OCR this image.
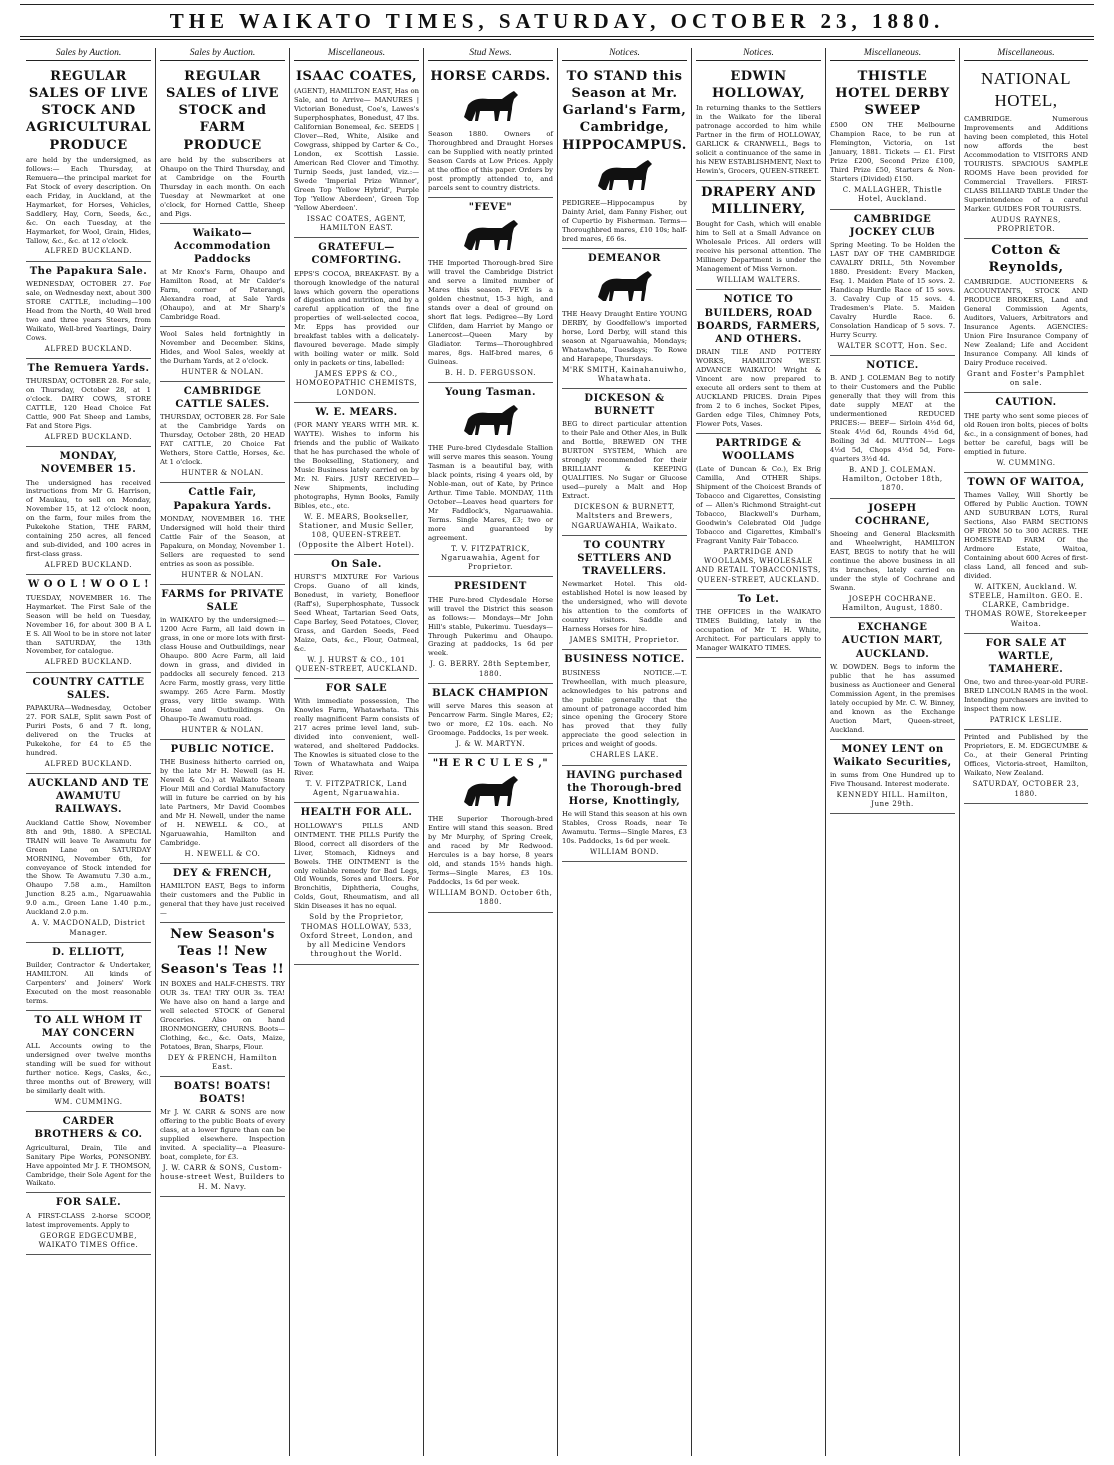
THE WAIKATO TIMES, SATURDAY, OCTOBER 23, 1880.
Sales by Auction.
REGULAR SALES OF LIVE STOCK AND AGRICULTURAL PRODUCE
are held by the undersigned, as follows:— Each Thursday, at Remuera—the principal market for Fat Stock of every description. On each Friday, in Auckland, at the Haymarket, for Horses, Vehicles, Saddlery, Hay, Corn, Seeds, &c., &c. On each Tuesday, at the Haymarket, for Wool, Grain, Hides, Tallow, &c., &c. at 12 o'clock.
ALFRED BUCKLAND.
The Papakura Sale.
WEDNESDAY, OCTOBER 27. For sale, on Wednesday next, about 300 STORE CATTLE, including—100 Head from the North, 40 Well bred two and three years Steers, from Waikato, Well-bred Yearlings, Dairy Cows.
ALFRED BUCKLAND.
The Remuera Yards.
THURSDAY, OCTOBER 28. For sale, on Thursday, October 28, at 1 o'clock. DAIRY COWS, STORE CATTLE, 120 Head Choice Fat Cattle, 900 Fat Sheep and Lambs, Fat and Store Pigs.
ALFRED BUCKLAND.
MONDAY, NOVEMBER 15.
The undersigned has received instructions from Mr G. Harrison, of Maukau, to sell on Monday, November 15, at 12 o'clock noon, on the farm, four miles from the Pukekohe Station, THE FARM, containing 250 acres, all fenced and sub-divided, and 100 acres in first-class grass.
ALFRED BUCKLAND.
W O O L ! W O O L !
TUESDAY, NOVEMBER 16. The Haymarket. The First Sale of the Season will be held on Tuesday, November 16, for about 300 B A L E S. All Wool to be in store not later than SATURDAY, the 13th November, for catalogue.
ALFRED BUCKLAND.
COUNTRY CATTLE SALES.
PAPAKURA—Wednesday, October 27. FOR SALE, Split sawn Post of Puriri Posts, 6 and 7 ft. long, delivered on the Trucks at Pukekohe, for £4 to £5 the hundred.
ALFRED BUCKLAND.
AUCKLAND AND TE AWAMUTU RAILWAYS.
Auckland Cattle Show, November 8th and 9th, 1880. A SPECIAL TRAIN will leave Te Awamutu for Green Lane on SATURDAY MORNING, November 6th, for conveyance of Stock intended for the Show. Te Awamutu 7.30 a.m., Ohaupo 7.58 a.m., Hamilton Junction 8.25 a.m., Ngaruawahia 9.0 a.m., Green Lane 1.40 p.m., Auckland 2.0 p.m.
A. V. MACDONALD, District Manager.
D. ELLIOTT,
Builder, Contractor & Undertaker, HAMILTON. All kinds of Carpenters' and Joiners' Work Executed on the most reasonable terms.
TO ALL WHOM IT MAY CONCERN
ALL Accounts owing to the undersigned over twelve months standing will be sued for without further notice. Kegs, Casks, &c., three months out of Brewery, will be similarly dealt with.
WM. CUMMING.
CARDER BROTHERS & CO.
Agricultural, Drain, Tile and Sanitary Pipe Works, PONSONBY. Have appointed Mr J. F. THOMSON, Cambridge, their Sole Agent for the Waikato.
FOR SALE.
A FIRST-CLASS 2-horse SCOOP, latest improvements. Apply to
GEORGE EDGECUMBE, WAIKATO TIMES Office.
Sales by Auction.
REGULAR SALES of LIVE STOCK and FARM PRODUCE
are held by the subscribers at Ohaupo on the Third Thursday, and at Cambridge on the Fourth Thursday in each month. On each Tuesday at Newmarket at one o'clock, for Horned Cattle, Sheep and Pigs.
Waikato—Accommodation Paddocks
at Mr Knox's Farm, Ohaupo and Hamilton Road, at Mr Calder's Farm, corner of Paterangi, Alexandra road, at Sale Yards (Ohaupo), and at Mr Sharp's Cambridge Road.
Wool Sales held fortnightly in November and December. Skins, Hides, and Wool Sales, weekly at the Durham Yards, at 2 o'clock.
HUNTER & NOLAN.
CAMBRIDGE CATTLE SALES.
THURSDAY, OCTOBER 28. For Sale at the Cambridge Yards on Thursday, October 28th, 20 HEAD FAT CATTLE, 20 Choice Fat Wethers, Store Cattle, Horses, &c. At 1 o'clock.
HUNTER & NOLAN.
Cattle Fair, Papakura Yards.
MONDAY, NOVEMBER 16. THE Undersigned will hold their third Cattle Fair of the Season, at Papakura, on Monday, November 1. Sellers are requested to send entries as soon as possible.
HUNTER & NOLAN.
FARMS for PRIVATE SALE
in WAIKATO by the undersigned:— 1200 Acre Farm, all laid down in grass, in one or more lots with first-class House and Outbuildings, near Ohaupo. 800 Acre Farm, all laid down in grass, and divided in paddocks all securely fenced. 213 Acre Farm, mostly grass, very little swampy. 265 Acre Farm. Mostly grass, very little swamp. With House and Outbuildings. On Ohaupo-Te Awamutu road.
HUNTER & NOLAN.
PUBLIC NOTICE.
THE Business hitherto carried on, by the late Mr H. Newell (as H. Newell & Co.) at Walkato Steam Flour Mill and Cordial Manufactory will in future be carried on by his late Partners, Mr David Coombes and Mr H. Newell, under the name of H. NEWELL & CO., at Ngaruawahia, Hamilton and Cambridge.
H. NEWELL & CO.
DEY & FRENCH,
HAMILTON EAST, Begs to inform their customers and the Public in general that they have just received—
New Season's Teas !! New Season's Teas !!
IN BOXES and HALF-CHESTS. TRY OUR 3s. TEA! TRY OUR 3s. TEA! We have also on hand a large and well selected STOCK of General Groceries. Also on hand IRONMONGERY, CHURNS. Boots—Clothing, &c., &c. Oats, Maize, Potatoes, Bran, Sharps, Flour.
DEY & FRENCH, Hamilton East.
BOATS! BOATS! BOATS!
Mr J. W. CARR & SONS are now offering to the public Boats of every class, at a lower figure than can be supplied elsewhere. Inspection invited. A speciality—a Pleasure-boat, complete, for £3.
J. W. CARR & SONS, Custom-house-street West, Builders to H. M. Navy.
Miscellaneous.
ISAAC COATES,
(AGENT), HAMILTON EAST, Has on Sale, and to Arrive— MANURES | Victorian Bonedust, Coe's, Lawes's Superphosphates, Bonedust, 47 lbs. Californian Bonemeal, &c. SEEDS | Clover—Red, White, Alsike and Cowgrass, shipped by Carter & Co., London, ex Scottish Lassie. American Red Clover and Timothy. Turnip Seeds, just landed, viz.:— Swede 'Imperial Prize Winner', Green Top 'Yellow Hybrid', Purple Top 'Yellow Aberdeen', Green Top 'Yellow Aberdeen'.
ISSAC COATES, AGENT, HAMILTON EAST.
GRATEFUL—COMFORTING.
EPPS'S COCOA, BREAKFAST. By a thorough knowledge of the natural laws which govern the operations of digestion and nutrition, and by a careful application of the fine properties of well-selected cocoa, Mr. Epps has provided our breakfast tables with a delicately-flavoured beverage. Made simply with boiling water or milk. Sold only in packets or tins, labelled:
JAMES EPPS & CO., HOMOEOPATHIC CHEMISTS, LONDON.
W. E. MEARS.
(FOR MANY YEARS WITH MR. K. WAYTE). Wishes to inform his friends and the public of Waikato that he has purchased the whole of the Bookselling, Stationery, and Music Business lately carried on by Mr. N. Fairs. JUST RECEIVED— New Shipments, including photographs, Hymn Books, Family Bibles, etc., etc.
W. E. MEARS, Bookseller, Stationer, and Music Seller, 108, QUEEN-STREET. (Opposite the Albert Hotel).
On Sale.
HURST'S MIXTURE For Various Crops. Guano of all kinds, Bonedust, in variety, Bonefloor (Raff's), Superphosphate, Tussock Seed Wheat, Tartarian Seed Oats, Cape Barley, Seed Potatoes, Clover, Grass, and Garden Seeds, Feed Maize, Oats, &c., Flour, Oatmeal, &c.
W. J. HURST & CO., 101 QUEEN-STREET, AUCKLAND.
FOR SALE
With immediate possession, The Knowles Farm, Whatawhata. This really magnificent Farm consists of 217 acres prime level land, sub-divided into convenient, well-watered, and sheltered Paddocks. The Knowles is situated close to the Town of Whatawhata and Waipa River.
T. V. FITZPATRICK, Land Agent, Ngaruawahia.
HEALTH FOR ALL.
HOLLOWAY'S PILLS AND OINTMENT. THE PILLS Purify the Blood, correct all disorders of the Liver, Stomach, Kidneys and Bowels. THE OINTMENT is the only reliable remedy for Bad Legs, Old Wounds, Sores and Ulcers. For Bronchitis, Diphtheria, Coughs, Colds, Gout, Rheumatism, and all Skin Diseases it has no equal.
Sold by the Proprietor, THOMAS HOLLOWAY, 533, Oxford Street, London, and by all Medicine Vendors throughout the World.
Stud News.
HORSE CARDS.
Season 1880. Owners of Thoroughbred and Draught Horses can be Supplied with neatly printed Season Cards at Low Prices. Apply at the office of this paper. Orders by post promptly attended to, and parcels sent to country districts.
"FEVE"
THE Imported Thorough-bred Sire will travel the Cambridge District and serve a limited number of Mares this season. FEVE is a golden chestnut, 15-3 high, and stands over a deal of ground on short flat legs. Pedigree—By Lord Clifden, dam Harriet by Mango or Lanercost—Queen Mary by Gladiator. Terms—Thoroughbred mares, 8gs. Half-bred mares, 6 Guineas.
B. H. D. FERGUSSON.
Young Tasman.
THE Pure-bred Clydesdale Stallion will serve mares this season. Young Tasman is a beautiful bay, with black points, rising 4 years old, by Noble-man, out of Kate, by Prince Arthur. Time Table. MONDAY, 11th October—Leaves head quarters for Mr Faddlock's, Ngaruawahia. Terms. Single Mares, £3; two or more and guaranteed by agreement.
T. V. FITZPATRICK, Ngaruawahia, Agent for Proprietor.
PRESIDENT
THE Pure-bred Clydesdale Horse will travel the District this season as follows:— Mondays—Mr John Hill's stable, Pukerimu. Tuesdays—Through Pukerimu and Ohaupo. Grazing at paddocks, 1s 6d per week.
J. G. BERRY. 28th September, 1880.
BLACK CHAMPION
will serve Mares this season at Pencarrow Farm. Single Mares, £2; two or more, £2 10s. each. No Groomage. Paddocks, 1s per week.
J. & W. MARTYN.
"H E R C U L E S ,"
THE Superior Thorough-bred Entire will stand this season. Bred by Mr Murphy, of Spring Creek, and raced by Mr Redwood. Hercules is a bay horse, 8 years old, and stands 15½ hands high. Terms—Single Mares, £3 10s. Paddocks, 1s 6d per week.
WILLIAM BOND. October 6th, 1880.
Notices.
TO STAND this Season at Mr. Garland's Farm, Cambridge, HIPPOCAMPUS.
PEDIGREE—Hippocampus by Dainty Ariel, dam Fanny Fisher, out of Cupertio by Fisherman. Terms—Thoroughbred mares, £10 10s; half-bred mares, £6 6s.
DEMEANOR
THE Heavy Draught Entire YOUNG DERBY, by Goodfellow's imported horse, Lord Derby, will stand this season at Ngaruawahia, Mondays; Whatawhata, Tuesdays; To Rowe and Harapepe, Thursdays.
M'RK SMITH, Kainahanuiwho, Whatawhata.
DICKESON & BURNETT
BEG to direct particular attention to their Pale and Other Ales, in Bulk and Bottle, BREWED ON THE BURTON SYSTEM, Which are strongly recommended for their BRILLIANT & KEEPING QUALITIES. No Sugar or Glucose used—purely a Malt and Hop Extract.
DICKESON & BURNETT, Maltsters and Brewers, NGARUAWAHIA, Waikato.
TO COUNTRY SETTLERS AND TRAVELLERS.
Newmarket Hotel. This old-established Hotel is now leased by the undersigned, who will devote his attention to the comforts of country visitors. Saddle and Harness Horses for hire.
JAMES SMITH, Proprietor.
BUSINESS NOTICE.
BUSINESS NOTICE.—T. Trewheellan, with much pleasure, acknowledges to his patrons and the public generally that the amount of patronage accorded him since opening the Grocery Store has proved that they fully appreciate the good selection in prices and weight of goods.
CHARLES LAKE.
HAVING purchased the Thorough-bred Horse, Knottingly,
He will Stand this season at his own Stables, Cross Roads, near Te Awamutu. Terms—Single Mares, £3 10s. Paddocks, 1s 6d per week.
WILLIAM BOND.
Notices.
EDWIN HOLLOWAY,
In returning thanks to the Settlers in the Waikato for the liberal patronage accorded to him while Partner in the firm of HOLLOWAY, GARLICK & CRANWELL, Begs to solicit a continuance of the same in his NEW ESTABLISHMENT, Next to Hewin's, Grocers, QUEEN-STREET.
DRAPERY AND MILLINERY,
Bought for Cash, which will enable him to Sell at a Small Advance on Wholesale Prices. All orders will receive his personal attention. The Millinery Department is under the Management of Miss Vernon.
WILLIAM WALTERS.
NOTICE TO BUILDERS, ROAD BOARDS, FARMERS, AND OTHERS.
DRAIN TILE AND POTTERY WORKS, HAMILTON WEST. ADVANCE WAIKATO! Wright & Vincent are now prepared to execute all orders sent to them at AUCKLAND PRICES. Drain Pipes from 2 to 6 inches, Socket Pipes, Garden edge Tiles, Chimney Pots, Flower Pots, Vases.
PARTRIDGE & WOOLLAMS
(Late of Duncan & Co.), Ex Brig Camilla, And OTHER Ships. Shipment of the Choicest Brands of Tobacco and Cigarettes, Consisting of — Allen's Richmond Straight-cut Tobacco, Blackwell's Durham, Goodwin's Celebrated Old Judge Tobacco and Cigarettes, Kimball's Fragrant Vanity Fair Tobacco.
PARTRIDGE AND WOOLLAMS, WHOLESALE AND RETAIL TOBACCONISTS, QUEEN-STREET, AUCKLAND.
To Let.
THE OFFICES in the WAIKATO TIMES Building, lately in the occupation of Mr T. H. White, Architect. For particulars apply to Manager WAIKATO TIMES.
Miscellaneous.
THISTLE HOTEL DERBY SWEEP
£500 ON THE Melbourne Champion Race, to be run at Flemington, Victoria, on 1st January, 1881. Tickets — £1. First Prize £200, Second Prize £100, Third Prize £50, Starters & Non-Starters (Divided) £150.
C. MALLAGHER, Thistle Hotel, Auckland.
CAMBRIDGE JOCKEY CLUB
Spring Meeting. To be Holden the LAST DAY OF THE CAMBRIDGE CAVALRY DRILL, 5th November 1880. President: Every Macken, Esq. 1. Maiden Plate of 15 sovs. 2. Handicap Hurdle Race of 15 sovs. 3. Cavalry Cup of 15 sovs. 4. Tradesmen's Plate. 5. Maiden Cavalry Hurdle Race. 6. Consolation Handicap of 5 sovs. 7. Hurry Scurry.
WALTER SCOTT, Hon. Sec.
NOTICE.
B. AND J. COLEMAN Beg to notify to their Customers and the Public generally that they will from this date supply MEAT at the undermentioned REDUCED PRICES:— BEEF— Sirloin 4½d 6d, Steak 4½d 6d, Rounds 4½d 6d, Boiling 3d 4d. MUTTON— Legs 4½d 5d, Chops 4½d 5d, Fore-quarters 3½d 4d.
B. AND J. COLEMAN. Hamilton, October 18th, 1870.
JOSEPH COCHRANE,
Shoeing and General Blacksmith and Wheelwright, HAMILTON EAST, BEGS to notify that he will continue the above business in all its branches, lately carried on under the style of Cochrane and Swann.
JOSEPH COCHRANE. Hamilton, August, 1880.
EXCHANGE AUCTION MART, AUCKLAND.
W. DOWDEN. Begs to inform the public that he has assumed business as Auctioneer and General Commission Agent, in the premises lately occupied by Mr. C. W. Binney, and known as the Exchange Auction Mart, Queen-street, Auckland.
MONEY LENT on Waikato Securities,
in sums from One Hundred up to Five Thousand. Interest moderate.
KENNEDY HILL. Hamilton, June 29th.
Miscellaneous.
NATIONAL HOTEL,
CAMBRIDGE. Numerous Improvements and Additions having been completed, this Hotel now affords the best Accommodation to VISITORS AND TOURISTS. SPACIOUS SAMPLE ROOMS Have been provided for Commercial Travellers. FIRST-CLASS BILLIARD TABLE Under the Superintendence of a careful Marker. GUIDES FOR TOURISTS.
AUDUS RAYNES, PROPRIETOR.
Cotton & Reynolds,
CAMBRIDGE. AUCTIONEERS & ACCOUNTANTS, STOCK AND PRODUCE BROKERS, Land and General Commission Agents, Auditors, Valuers, Arbitrators and Insurance Agents. AGENCIES: Union Fire Insurance Company of New Zealand; Life and Accident Insurance Company. All kinds of Dairy Produce received.
Grant and Foster's Pamphlet on sale.
CAUTION.
THE party who sent some pieces of old Rouen iron bolts, pieces of bolts &c., in a consignment of bones, had better be careful, bags will be emptied in future.
W. CUMMING.
TOWN OF WAITOA,
Thames Valley, Will Shortly be Offered by Public Auction. TOWN AND SUBURBAN LOTS, Rural Sections, Also FARM SECTIONS OF FROM 50 to 300 ACRES. THE HOMESTEAD FARM Of the Ardmore Estate, Waitoa, Containing about 600 Acres of first-class Land, all fenced and sub-divided.
W. AITKEN, Auckland. W. STEELE, Hamilton. GEO. E. CLARKE, Cambridge. THOMAS ROWE, Storekeeper Waitoa.
FOR SALE AT WARTLE, TAMAHERE.
One, two and three-year-old PURE-BRED LINCOLN RAMS in the wool. Intending purchasers are invited to inspect them now.
PATRICK LESLIE.
Printed and Published by the Proprietors, E. M. EDGECUMBE & Co., at their General Printing Offices, Victoria-street, Hamilton, Waikato, New Zealand.
SATURDAY, OCTOBER 23, 1880.
